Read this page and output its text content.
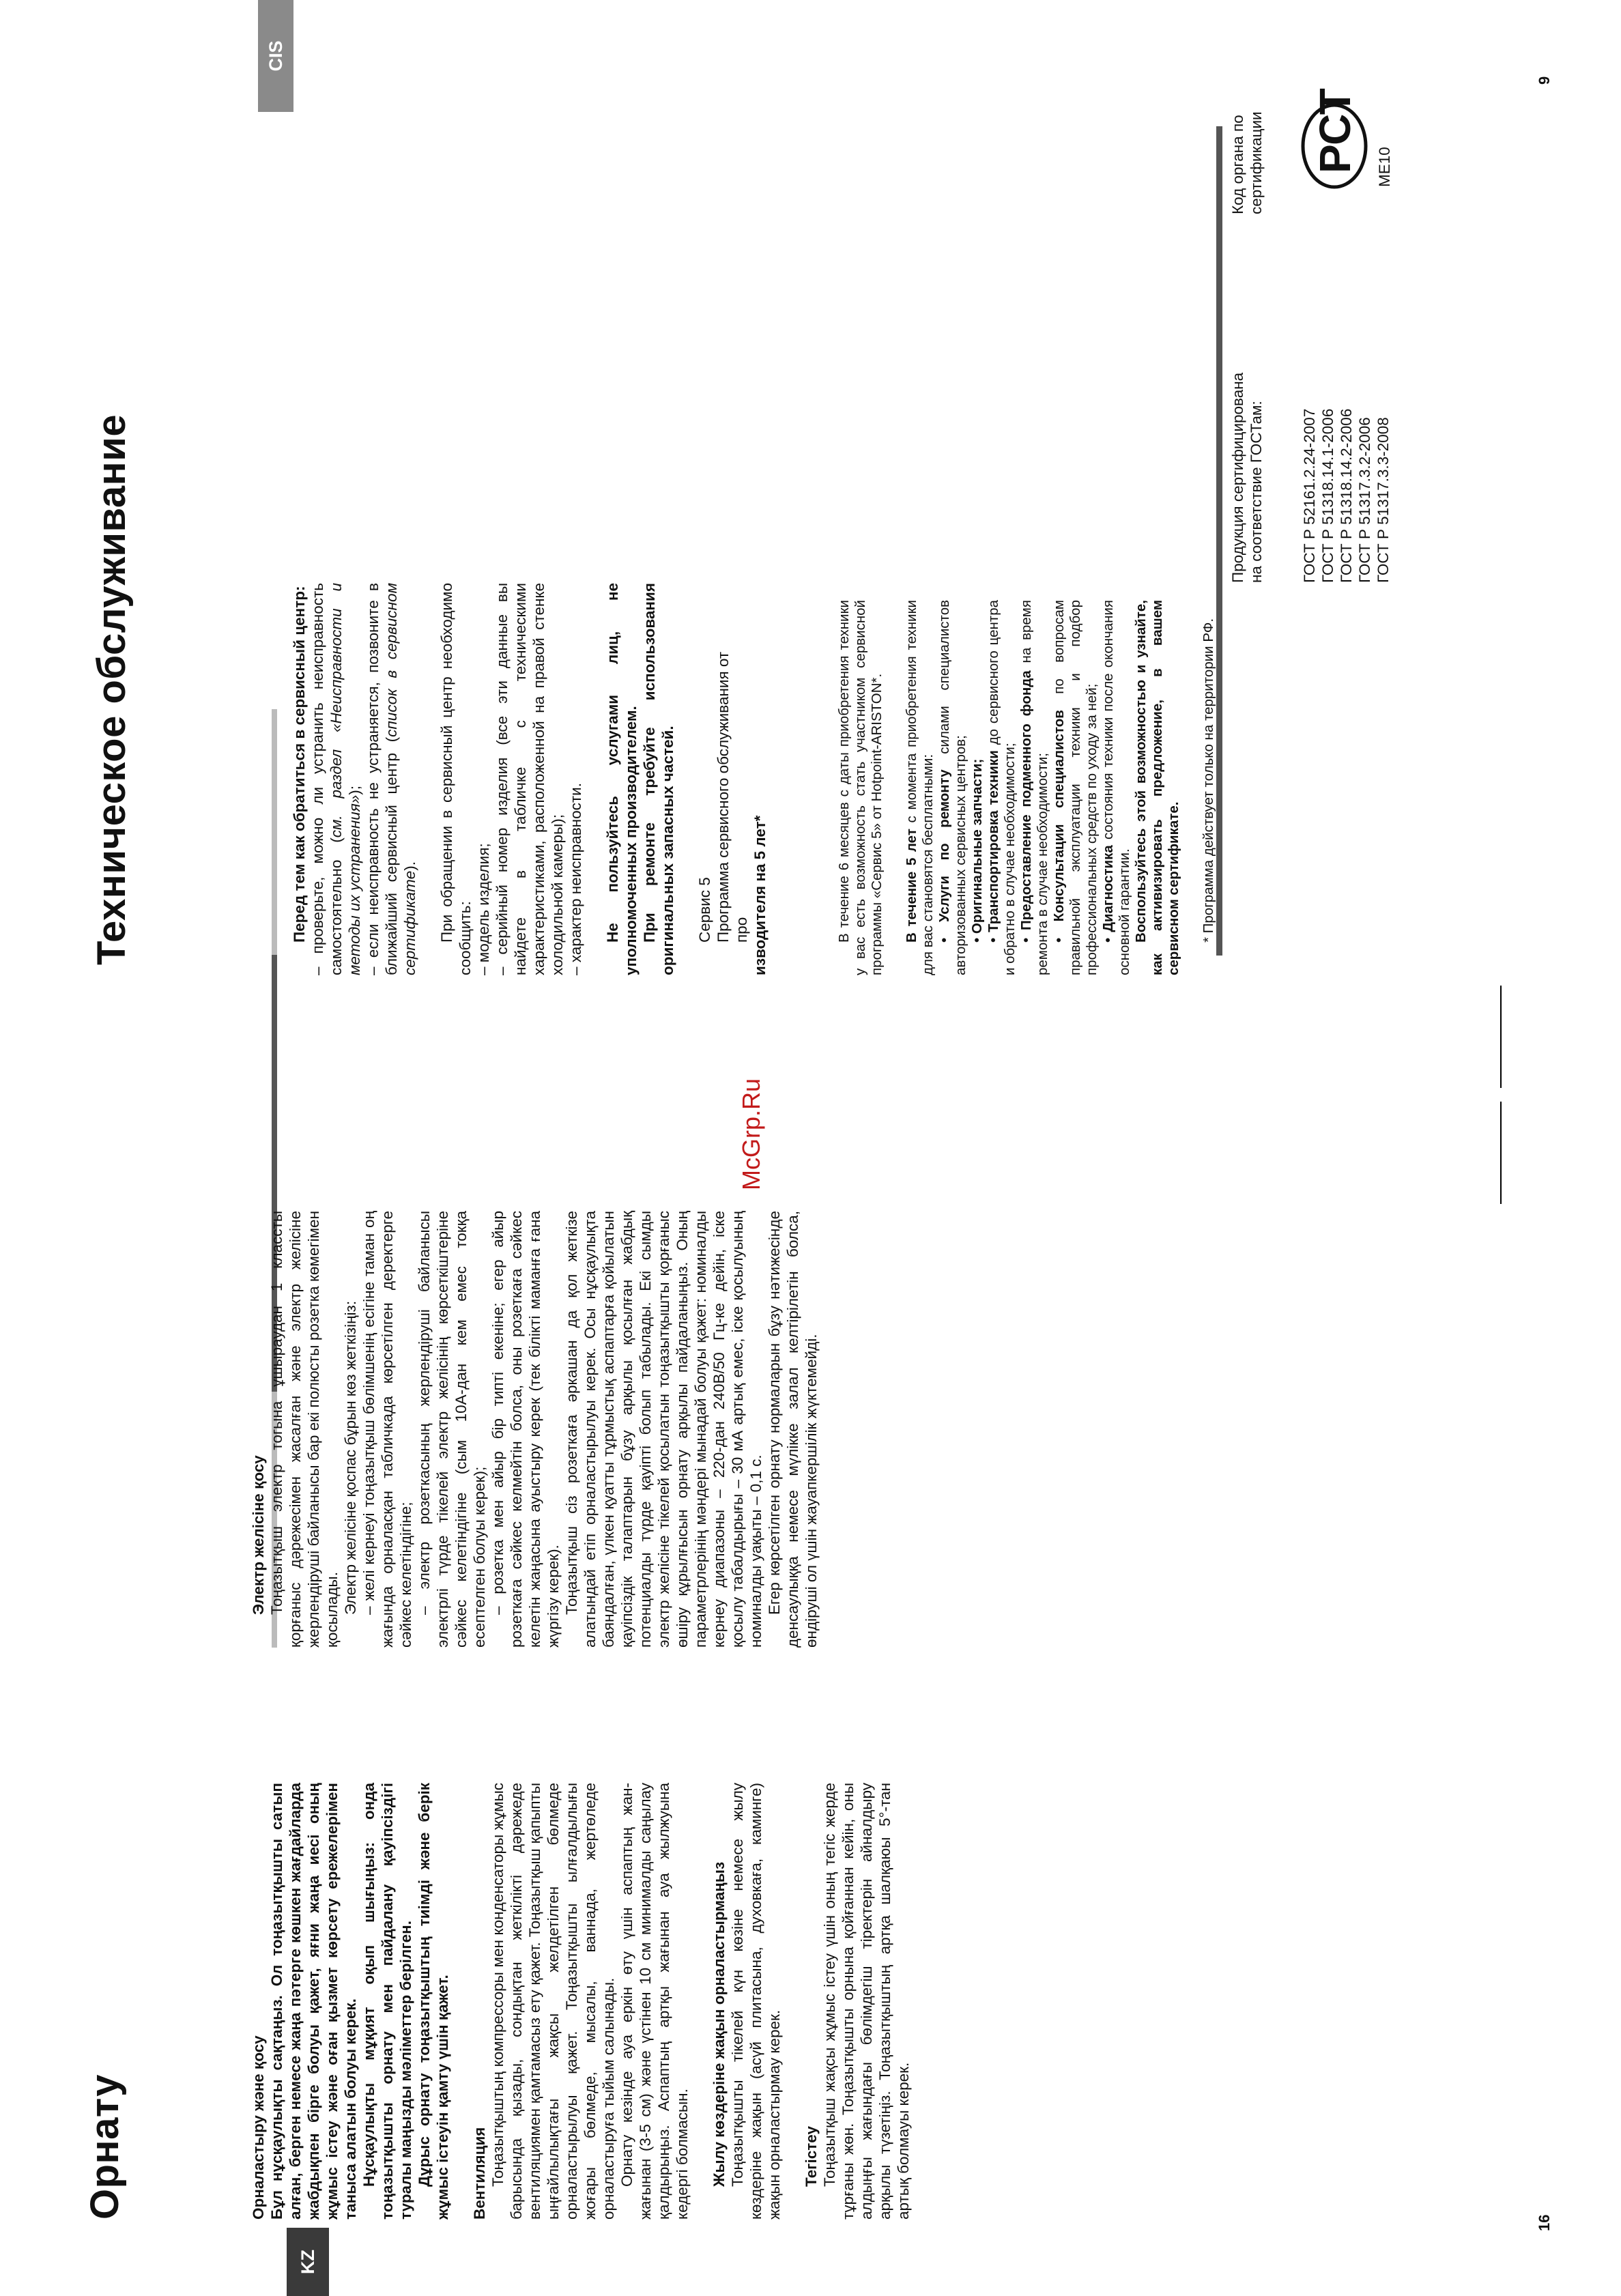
KZ
Орнату	Орналастыру және қосу Бұл нұсқаулықты сақтаңыз. Ол тоңазытқышты сатып алған, берген немесе жаңа пәтерге көшкен жағдайларда жабдықпен бірге болуы қажет, яғни жаңа иесі оның жұмыс істеу және оған қызмет көрсету ережелерімен таныса алатын болуы керек. Нұсқаулықты мұқият оқып шығыңыз: онда тоңазытқышты орнату мен пайдалану қауіпсіздігі туралы маңызды мәліметтер берілген. Дұрыс орнату тоңазытқыштың тиімді және берік жұмыс істеуін қамту үшін қажет. Вентиляция Тоңазытқыштың компрессоры мен конденсаторы жұмыс барысында қызады, сондықтан жеткілікті дәрежеде вентиляциямен қамтамасыз ету қажет. Тоңазытқыш қапыпты ыңғайлылықтағы жақсы желдетілген бөлмеде орналастырылуы қажет. Тоңазытқышты ылғалдылығы жоғары бөлмеде, мысалы, ваннада, жертөледе орналастыруға тыйым салынады. Орнату кезінде ауа еркін өту үшін аспаптың жан-жағынан (3-5 см) және үстінен 10 см минималды саңылау қалдырыңыз. Аспаптың артқы жағынан ауа жылжуына кедергі болмасын. Жылу көздеріне жақын орналастырмаңыз Тоңазытқышты тікелей күн көзіне немесе жылу көздеріне жақын (асүй плитасына, духовкаға, каминге) жақын орналастырмау керек. Тегістеу Тоңазытқыш жақсы жұмыс істеу үшін оның тегіс жерде тұрғаны жөн. Тоңазытқышты орнына қойғаннан кейін, оны алдыңғы жағындағы бөлімдегіш тіректерін айналдыру арқылы түзетіңіз. Тоңазытқыштың артқа шалқаюы 5°-тан артық болмауы керек.

Электр желісіне қосу Тоңазытқыш электр тогына ұшыраудан 1 классты қорғаныс дәрежесімен жасалған және электр желісіне жерлендіруші байланысы бар екі полюсты розетка көмегімен қосылады. Электр желісіне қоспас бұрын көз жеткізіңіз: – желі кернеуі тоңазытқыш бөлімшенің есігіне таман оң жағында орналасқан табличкада көрсетілген деректерге сәйкес келетіндігіне; – электр розеткасының жерлендіруші байланысы электрлі түрде тікелей электр желісінің көрсеткіштеріне сәйкес келетіндігіне (сым 10А-дан кем емес токқа есептелген болуы керек); – розетка мен айыр бір типті екеніне; егер айыр розеткаға сәйкес келмейтін болса, оны розеткаға сәйкес келетін жаңасына ауыстыру керек (тек білікті маманға ғана жүргізу керек). Тоңазытқыш сіз розеткаға әркашан да қол жеткізе алатындай етіп орналастырылуы керек. Осы нұсқаулықта баяндалған, үлкен қуатты тұрмыстық аспаптарға қойылатын қауіпсіздік талаптарын бұзу арқылы қосылған жабдық потенциалды түрде қауіпті болып табылады. Екі сымды электр желісіне тікелей қосылатын тоңазытқышты қорғаныс өшіру құрылғысын орнату арқылы пайдаланыңыз. Оның параметрлерінің мәндері мынадай болуы қажет: номиналды кернеу диапазоны – 220-дан 240В/50 Гц-ке дейін, іске қосылу табалдырығы – 30 мА артық емес, іске қосылуының номиналды уақыты – 0,1 с. Егер көрсетілген орнату нормаларын бұзу нәтижесінде денсаулыққа немесе мүлікке залал келтірілетін болса, өндіруші ол үшін жауапкершілік жүктемейді.

16
McGrp.Ru
CIS
Техническое обслуживание	Перед тем как обратиться в сервисный центр: – проверьте, можно ли устранить неисправность самостоятельно (см. раздел «Неисправности и методы их устранения»); – если неисправность не устраняется, позвоните в ближайший сервисный центр (список в сервисном сертификате). При обращении в сервисный центр необходимо сообщить: – модель изделия; – серийный номер изделия (все эти данные вы найдете в табличке с техническими характеристиками, расположенной на правой стенке холодильной камеры); – характер неисправности. Не пользуйтесь услугами лиц, не уполномоченных производителем. При ремонте требуйте использования оригинальных запасных частей. Сервис 5 Программа сервисного обслуживания от про изводителя на 5 лет*	В течение 6 месяцев с даты приобретения техники у вас есть возможность стать участником сервисной программы «Сервис 5» от Hotpoint-ARISTON*. В течение 5 лет с момента приобретения техники для вас становятся бесплатными: • Услуги по ремонту силами специалистов авторизованных сервисных центров; • Оригинальные запчасти; • Транспортировка техники до сервисного центра и обратно в случае необходимости; • Предоставление подменного фонда на время ремонта в случае необходимости; • Консультации специалистов по вопросам правильной эксплуатации техники и подбор профессиональных средств по уходу за ней; • Диагностика состояния техники после окончания основной гарантии. Воспользуйтесь этой возможностью и узнайте, как активизировать предложение, в вашем сервисном сертификате. * Программа действует только на территории РФ.

Продукция сертифицирована на соответствие ГОСТам: ГОСТ Р 52161.2.24-2007 ГОСТ Р 51318.14.1-2006 ГОСТ Р 51318.14.2-2006 ГОСТ Р 51317.3.2-2006 ГОСТ Р 51317.3.3-2008
Код органа по сертификации РСТ МЕ10
9
